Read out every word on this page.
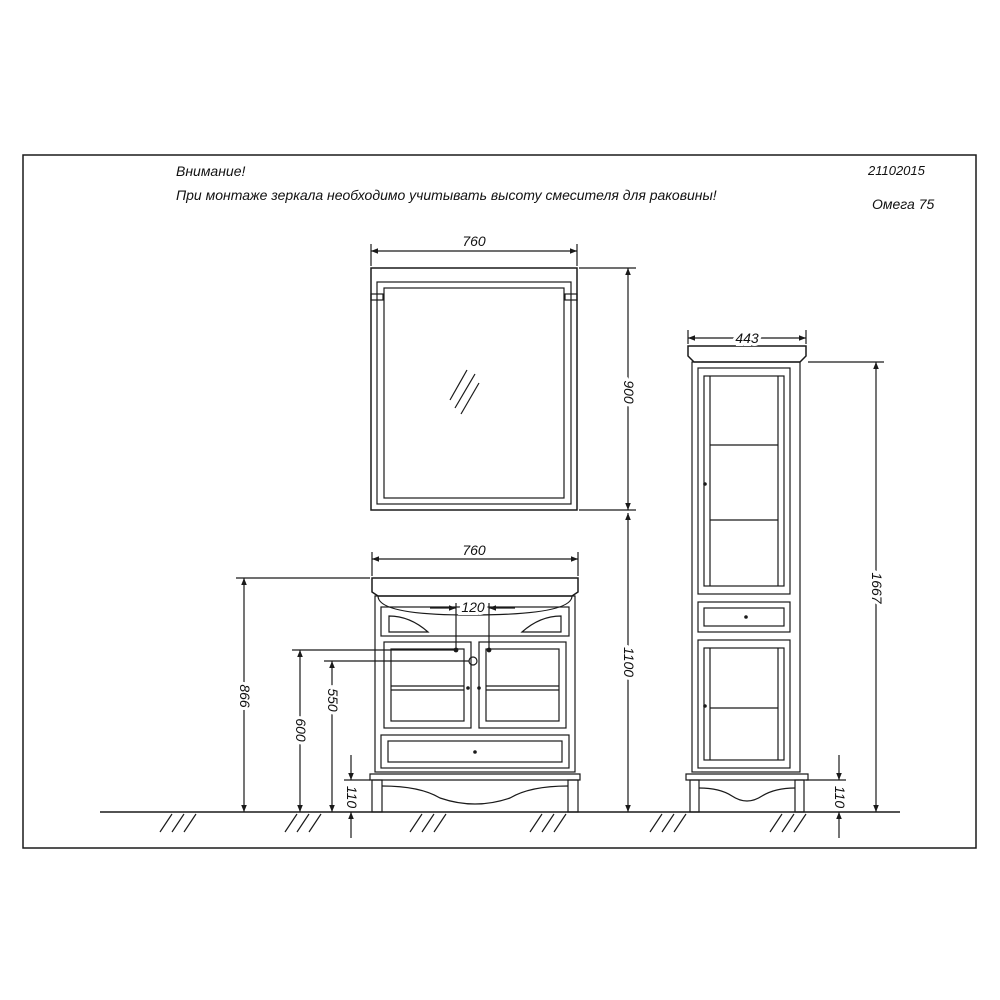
Внимание!
При монтаже зеркала необходимо учитывать высоту смесителя для раковины!
21102015
Омега 75
760
900
1100
760
120
866
600
550
110
443
1667
110
